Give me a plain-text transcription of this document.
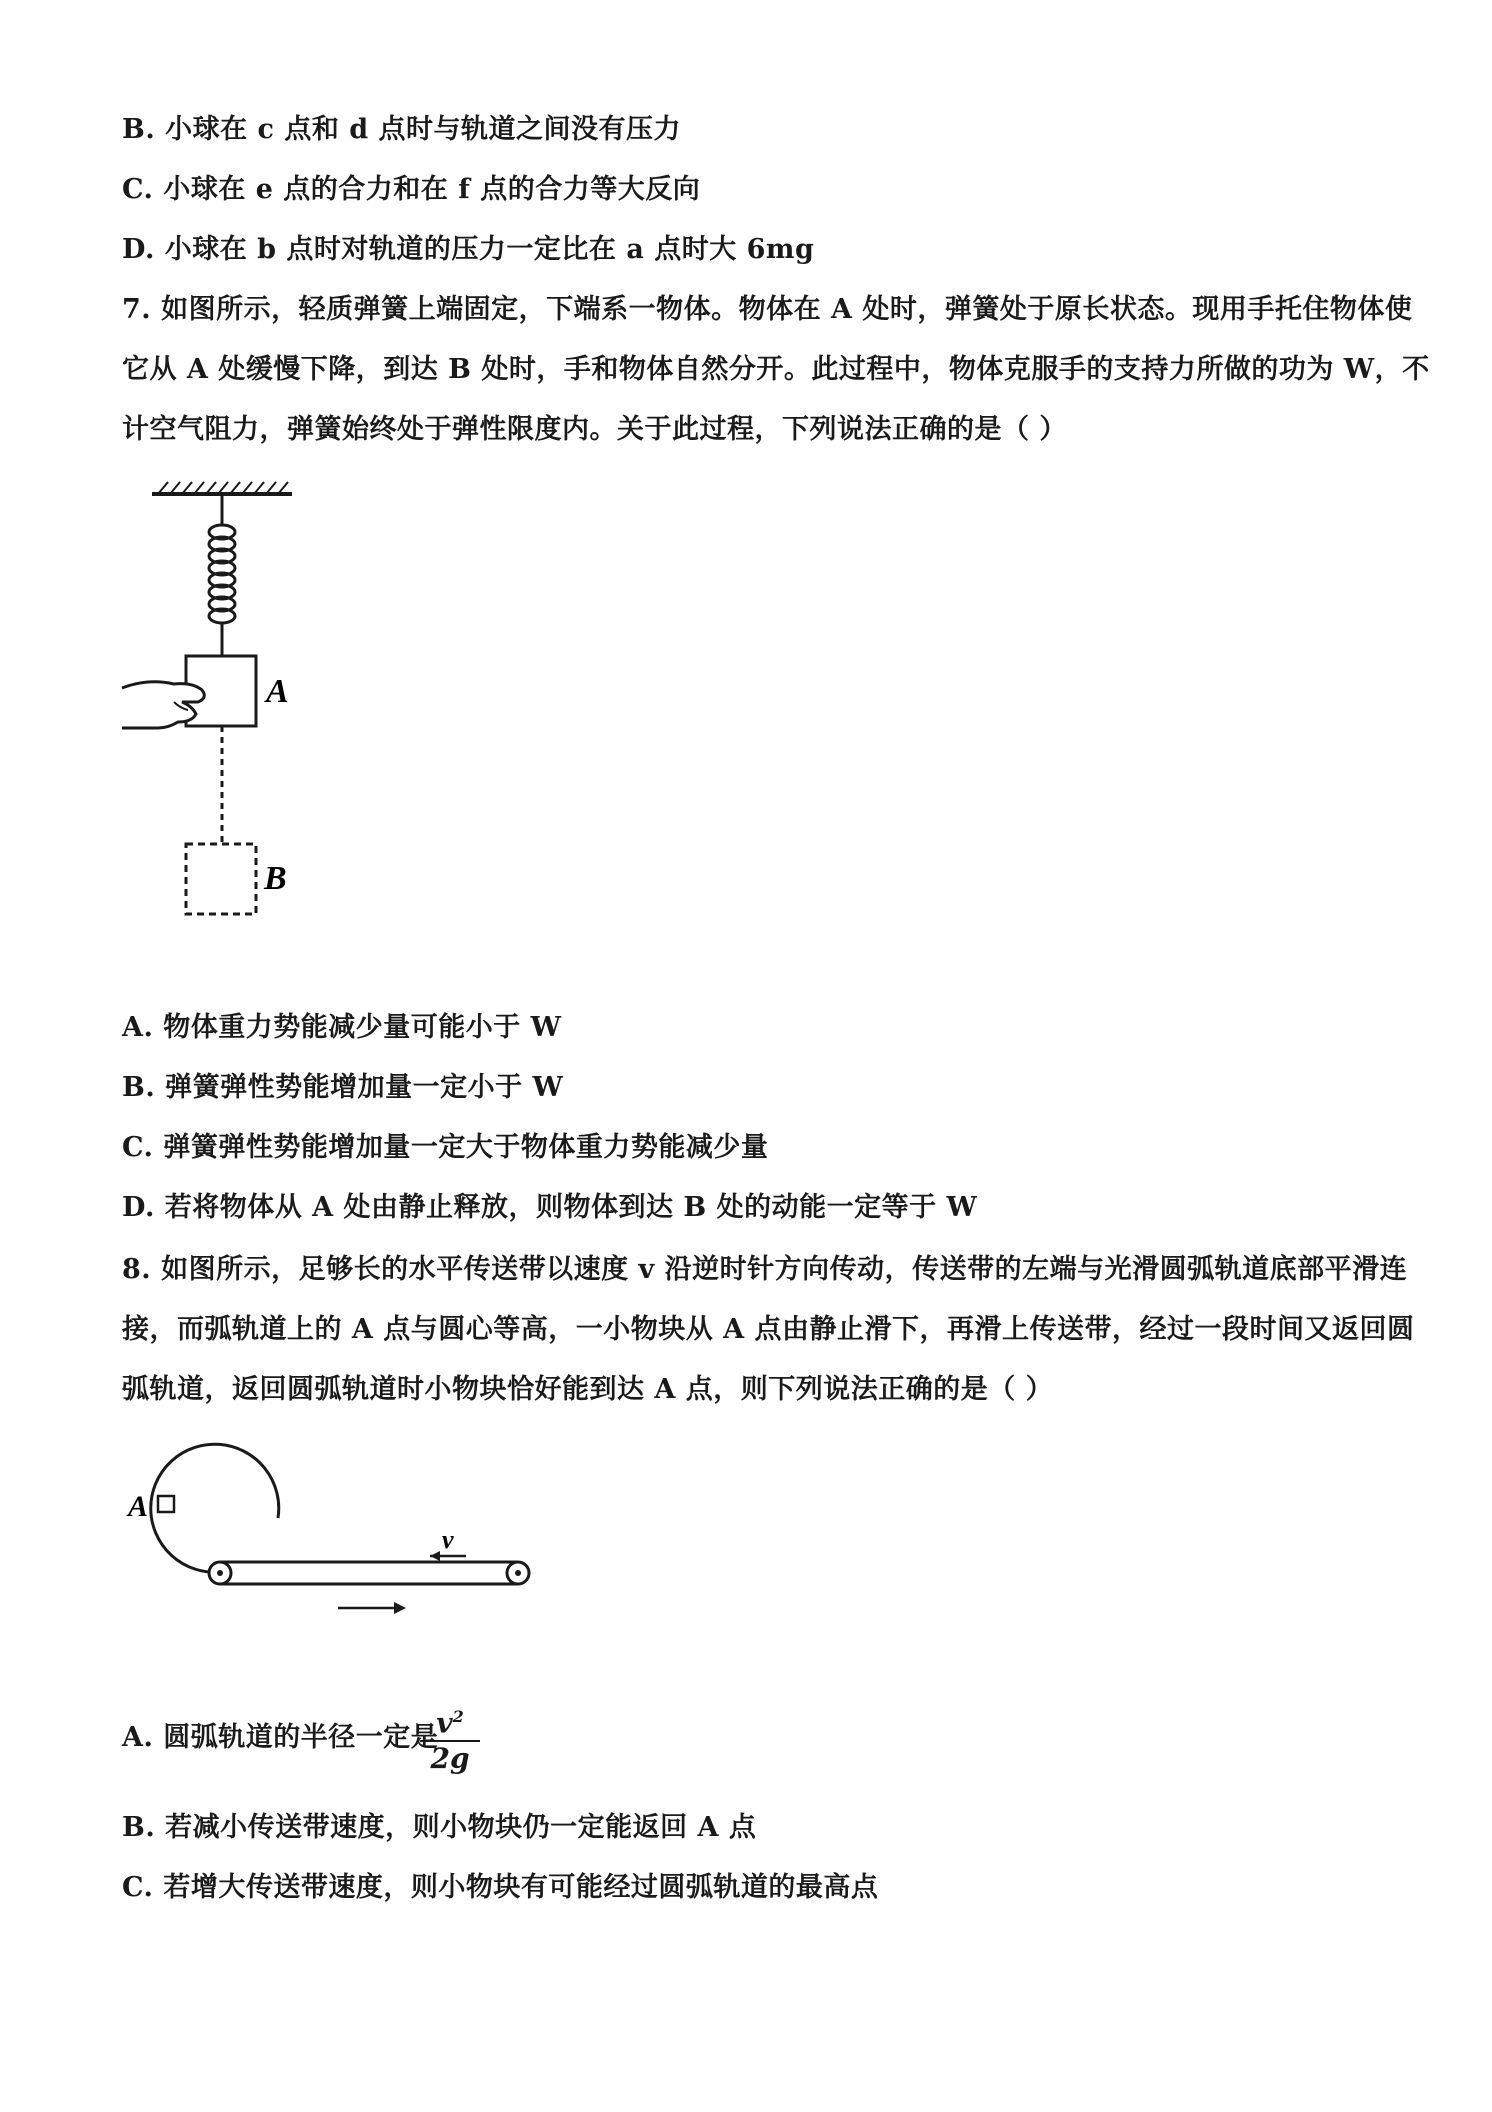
B. 小球在 c 点和 d 点时与轨道之间没有压力
C. 小球在 e 点的合力和在 f 点的合力等大反向
D. 小球在 b 点时对轨道的压力一定比在 a 点时大 6mg
7. 如图所示，轻质弹簧上端固定，下端系一物体。物体在 A 处时，弹簧处于原长状态。现用手托住物体使
它从 A 处缓慢下降，到达 B 处时，手和物体自然分开。此过程中，物体克服手的支持力所做的功为 W，不
计空气阻力，弹簧始终处于弹性限度内。关于此过程，下列说法正确的是（ ）
A
B
A. 物体重力势能减少量可能小于 W
B. 弹簧弹性势能增加量一定小于 W
C. 弹簧弹性势能增加量一定大于物体重力势能减少量
D. 若将物体从 A 处由静止释放，则物体到达 B 处的动能一定等于 W
8. 如图所示，足够长的水平传送带以速度 v 沿逆时针方向传动，传送带的左端与光滑圆弧轨道底部平滑连
接，而弧轨道上的 A 点与圆心等高，一小物块从 A 点由静止滑下，再滑上传送带，经过一段时间又返回圆
弧轨道，返回圆弧轨道时小物块恰好能到达 A 点，则下列说法正确的是（ ）
A
v
A. 圆弧轨道的半径一定是
$\frac{v^2}{2g}$
B. 若减小传送带速度，则小物块仍一定能返回 A 点
C. 若增大传送带速度，则小物块有可能经过圆弧轨道的最高点
